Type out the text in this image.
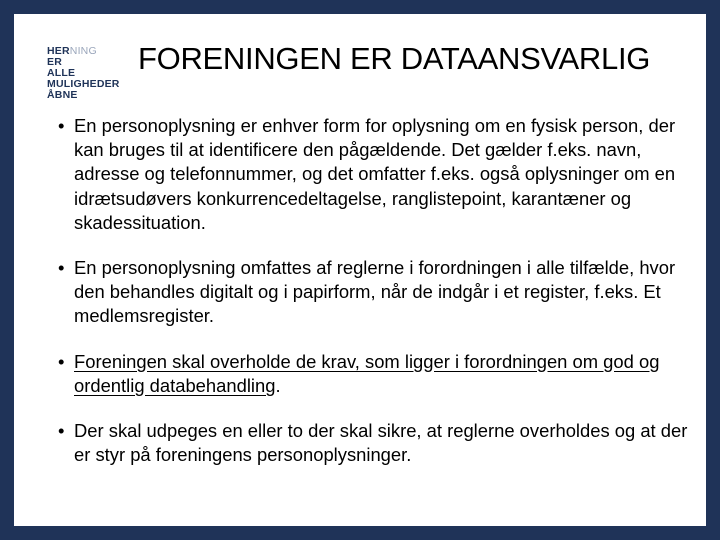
HERNING
ER
ALLE
MULIGHEDER
ÅBNE
FORENINGEN ER DATAANSVARLIG
• En personoplysning er enhver form for oplysning om en fysisk person, der kan bruges til at identificere den pågældende. Det gælder f.eks. navn, adresse og telefonnummer, og det omfatter f.eks. også oplysninger om en idrætsudøvers konkurrencedeltagelse, ranglistepoint, karantæner og skadessituation.
• En personoplysning omfattes af reglerne i forordningen i alle tilfælde, hvor den behandles digitalt og i papirform, når de indgår i et register, f.eks. Et medlemsregister.
• Foreningen skal overholde de krav, som ligger i forordningen om god og ordentlig databehandling.
• Der skal udpeges en eller to der skal sikre, at reglerne overholdes og at der er styr på foreningens personoplysninger.
